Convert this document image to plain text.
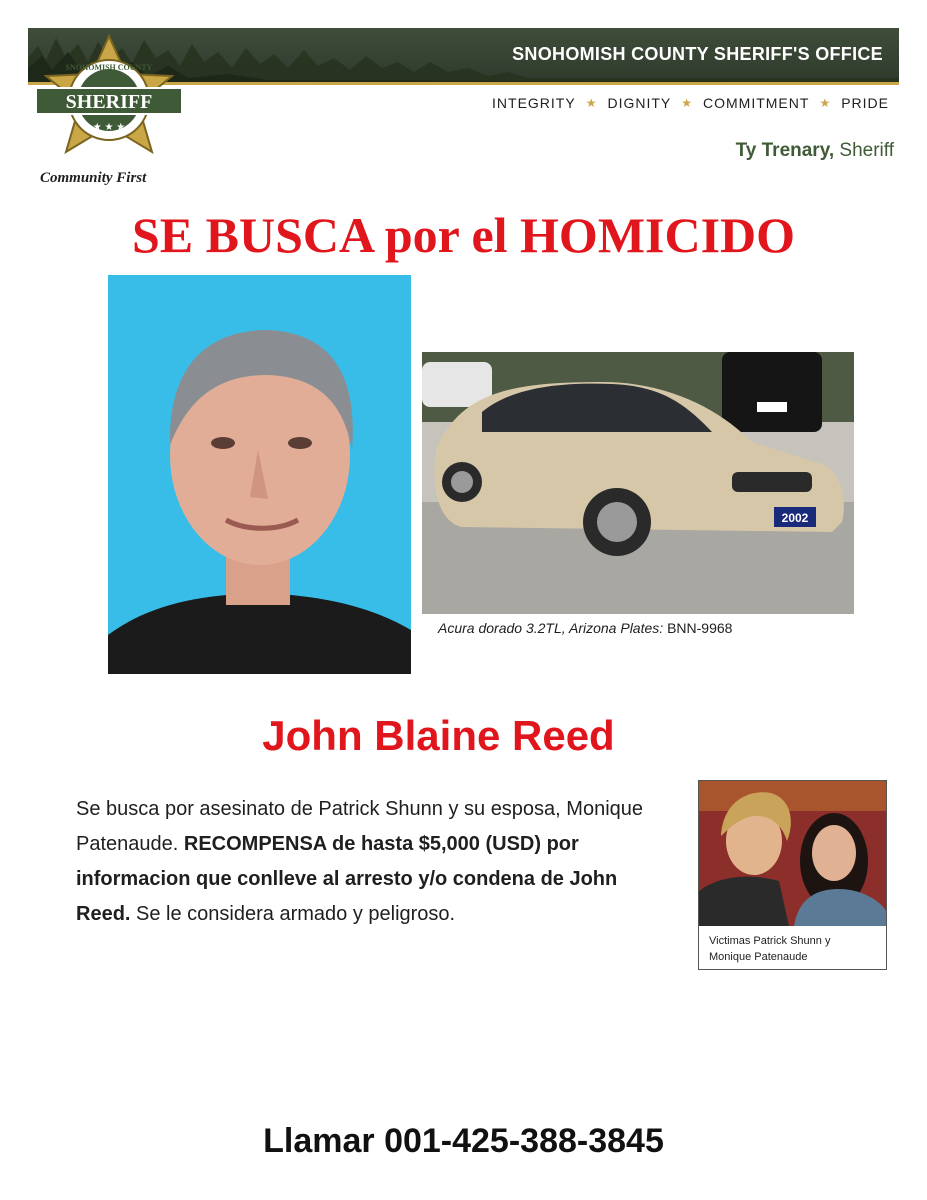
SNOHOMISH COUNTY SHERIFF'S OFFICE
SHERIFF
SNOHOMISH COUNTY
★ ★ ★
Community First
INTEGRITY ★ DIGNITY ★ COMMITMENT ★ PRIDE
Ty Trenary, Sheriff
SE BUSCA por el HOMICIDO
2002
Acura dorado 3.2TL, Arizona Plates: BNN-9968
John Blaine Reed
Se busca por asesinato de Patrick Shunn y su esposa, Monique Patenaude. RECOMPENSA de hasta $5,000 (USD) por informacion que conlleve al arresto y/o condena de John Reed. Se le considera armado y peligroso.
Victimas Patrick Shunn y
Monique Patenaude
Llamar 001-425-388-3845
